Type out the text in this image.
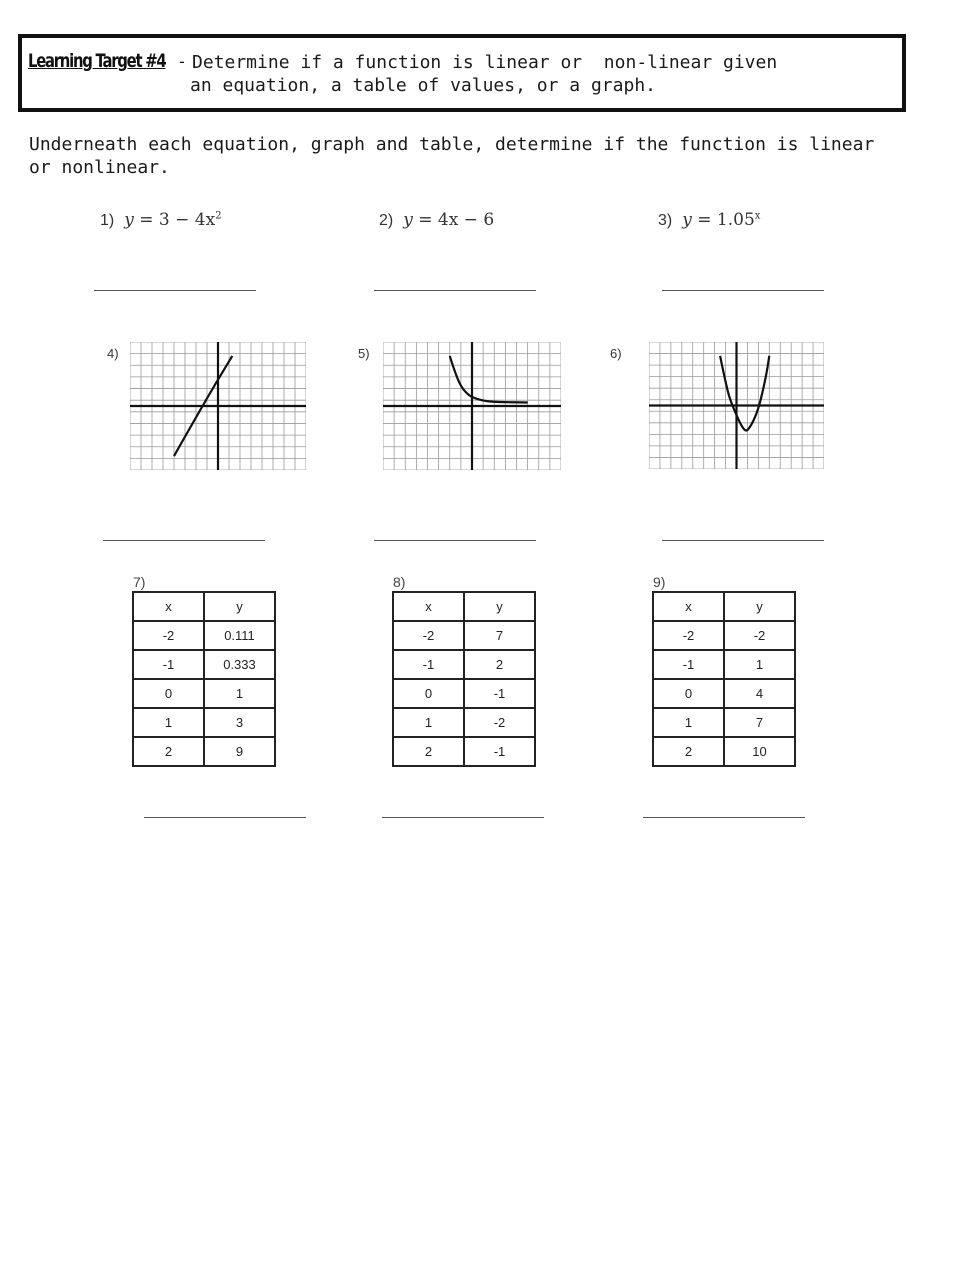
Learning Target #4 - Determine if a function is linear or  non-linear given
an equation, a table of values, or a graph.
Underneath each equation, graph and table, determine if the function is linear
or nonlinear.
1) $y = 3 - 4x^2$	2) y = 4x − 6	3) $y = 1.05^x$
4)	5)	6)
7)	8)	9)
x	y
-2	0.111
-1	0.333
0	1
1	3
2	9
x	y
-2	7
-1	2
0	-1
1	-2
2	-1
x	y
-2	-2
-1	1
0	4
1	7
2	10
